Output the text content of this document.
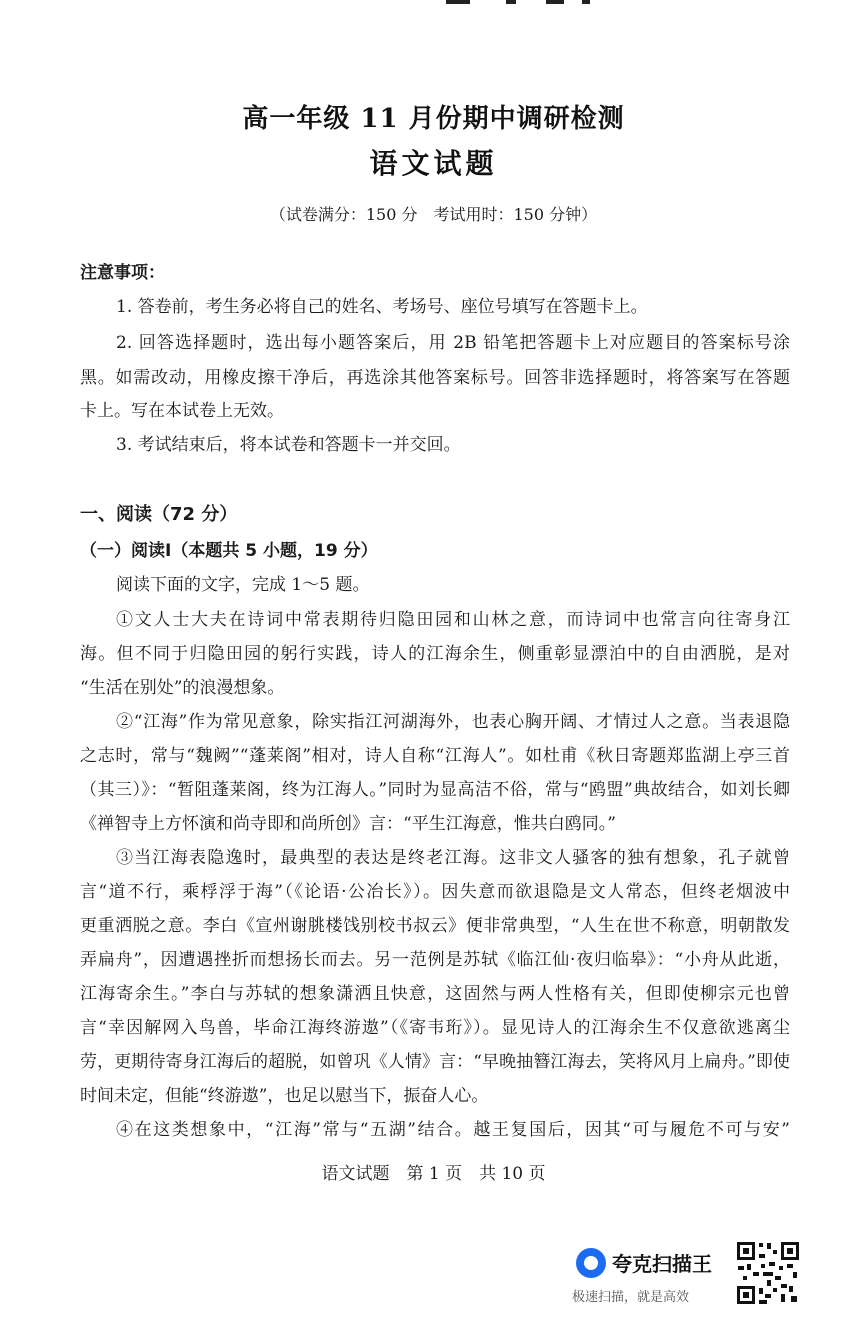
高一年级 11 月份期中调研检测
语文试题
（试卷满分：150 分　考试用时：150 分钟）
注意事项：
1. 答卷前，考生务必将自己的姓名、考场号、座位号填写在答题卡上。
2. 回答选择题时，选出每小题答案后，用 2B 铅笔把答题卡上对应题目的答案标号涂
黑。如需改动，用橡皮擦干净后，再选涂其他答案标号。回答非选择题时，将答案写在答题
卡上。写在本试卷上无效。
3. 考试结束后，将本试卷和答题卡一并交回。
一、阅读（72 分）
（一）阅读Ⅰ（本题共 5 小题，19 分）
阅读下面的文字，完成 1～5 题。
①文人士大夫在诗词中常表期待归隐田园和山林之意，而诗词中也常言向往寄身江
海。但不同于归隐田园的躬行实践，诗人的江海余生，侧重彰显漂泊中的自由洒脱，是对
“生活在别处”的浪漫想象。
②“江海”作为常见意象，除实指江河湖海外，也表心胸开阔、才情过人之意。当表退隐
之志时，常与“魏阙”“蓬莱阁”相对，诗人自称“江海人”。如杜甫《秋日寄题郑监湖上亭三首
（其三）》：“暂阻蓬莱阁，终为江海人。”同时为显高洁不俗，常与“鸥盟”典故结合，如刘长卿
《禅智寺上方怀演和尚寺即和尚所创》言：“平生江海意，惟共白鸥同。”
③当江海表隐逸时，最典型的表达是终老江海。这非文人骚客的独有想象，孔子就曾
言“道不行，乘桴浮于海”（《论语·公冶长》）。因失意而欲退隐是文人常态，但终老烟波中
更重洒脱之意。李白《宣州谢朓楼饯别校书叔云》便非常典型，“人生在世不称意，明朝散发
弄扁舟”，因遭遇挫折而想扬长而去。另一范例是苏轼《临江仙·夜归临皋》：“小舟从此逝，
江海寄余生。”李白与苏轼的想象潇洒且快意，这固然与两人性格有关，但即使柳宗元也曾
言“幸因解网入鸟兽，毕命江海终游遨”（《寄韦珩》）。显见诗人的江海余生不仅意欲逃离尘
劳，更期待寄身江海后的超脱，如曾巩《人情》言：“早晚抽簪江海去，笑将风月上扁舟。”即使
时间未定，但能“终游遨”，也足以慰当下，振奋人心。
④在这类想象中，“江海”常与“五湖”结合。越王复国后，因其“可与履危不可与安”
语文试题　第 1 页　共 10 页
夸克扫描王
极速扫描，就是高效
